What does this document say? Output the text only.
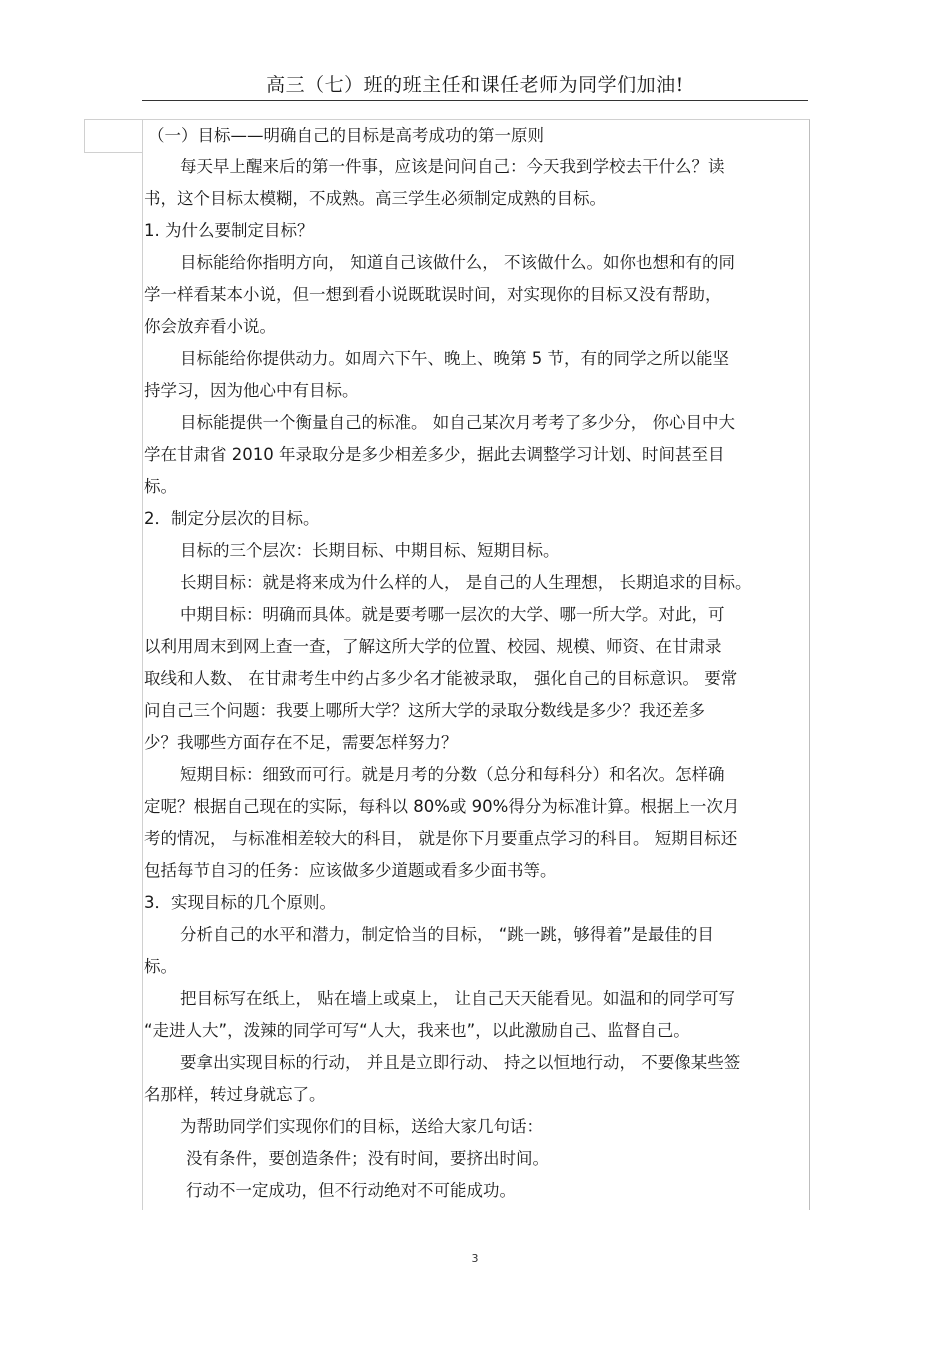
高三（七）班的班主任和课任老师为同学们加油!
（一）目标——明确自己的目标是高考成功的第一原则
每天早上醒来后的第一件事，应该是问问自己：今天我到学校去干什么？读
书，这个目标太模糊，不成熟。高三学生必须制定成熟的目标。
1. 为什么要制定目标？
目标能给你指明方向， 知道自己该做什么， 不该做什么。如你也想和有的同
学一样看某本小说，但一想到看小说既耽误时间，对实现你的目标又没有帮助，
你会放弃看小说。
目标能给你提供动力。如周六下午、晚上、晚第 5 节，有的同学之所以能坚
持学习，因为他心中有目标。
目标能提供一个衡量自己的标准。 如自己某次月考考了多少分， 你心目中大
学在甘肃省 2010 年录取分是多少相差多少，据此去调整学习计划、时间甚至目
标。
2．制定分层次的目标。
目标的三个层次：长期目标、中期目标、短期目标。
长期目标：就是将来成为什么样的人， 是自己的人生理想， 长期追求的目标。
中期目标：明确而具体。就是要考哪一层次的大学、哪一所大学。对此，可
以利用周末到网上查一查，了解这所大学的位置、校园、规模、师资、在甘肃录
取线和人数、 在甘肃考生中约占多少名才能被录取， 强化自己的目标意识。 要常
问自己三个问题：我要上哪所大学？这所大学的录取分数线是多少？我还差多
少？我哪些方面存在不足，需要怎样努力？
短期目标：细致而可行。就是月考的分数（总分和每科分）和名次。怎样确
定呢？根据自己现在的实际，每科以 80%或 90%得分为标准计算。根据上一次月
考的情况， 与标准相差较大的科目， 就是你下月要重点学习的科目。 短期目标还
包括每节自习的任务：应该做多少道题或看多少面书等。
3．实现目标的几个原则。
分析自己的水平和潜力，制定恰当的目标， “跳一跳，够得着”是最佳的目
标。
把目标写在纸上， 贴在墙上或桌上， 让自己天天能看见。如温和的同学可写
“走进人大”，泼辣的同学可写“人大，我来也”，以此激励自己、监督自己。
要拿出实现目标的行动， 并且是立即行动、 持之以恒地行动， 不要像某些签
名那样，转过身就忘了。
为帮助同学们实现你们的目标，送给大家几句话：
没有条件，要创造条件；没有时间，要挤出时间。
行动不一定成功，但不行动绝对不可能成功。
3
